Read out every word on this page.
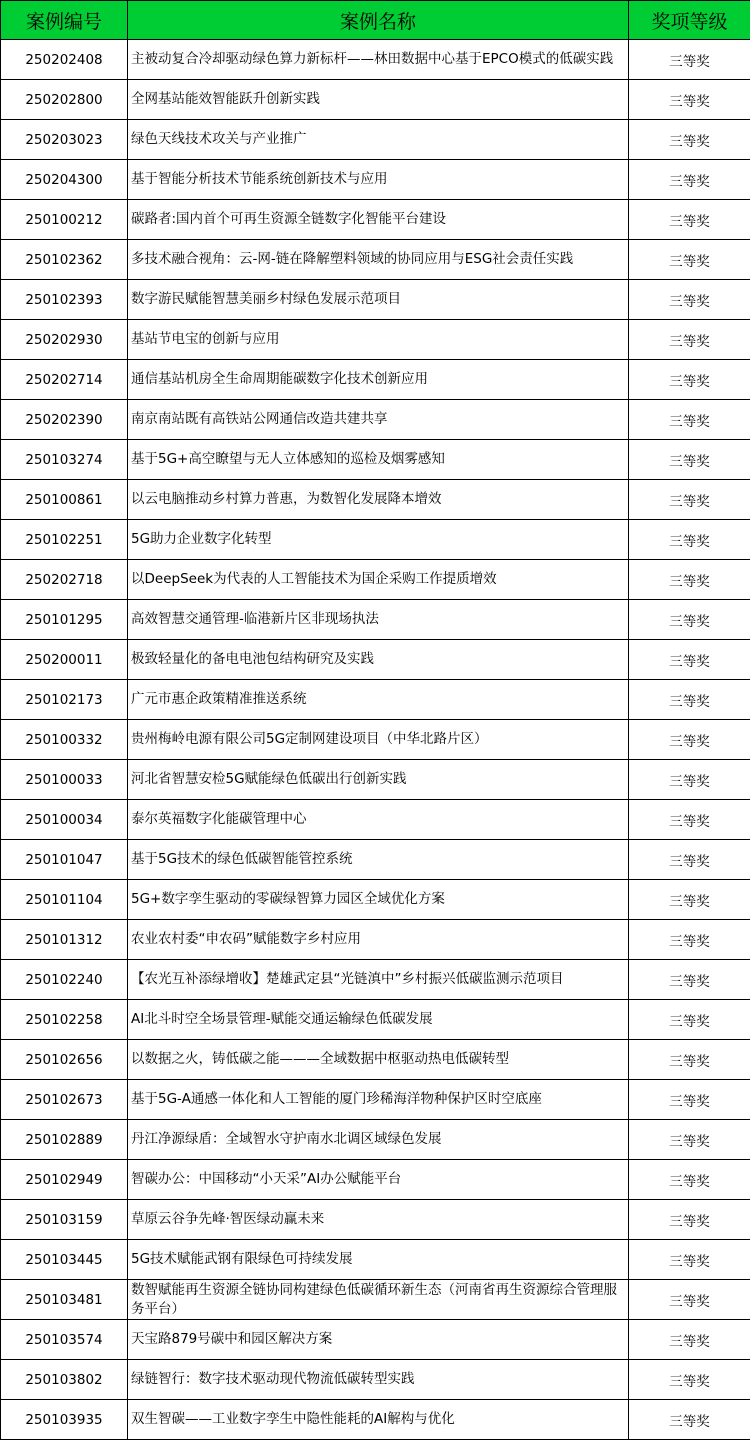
案例编号	案例名称	奖项等级
250202408	主被动复合冷却驱动绿色算力新标杆——林田数据中心基于EPCO模式的低碳实践	三等奖
250202800	全网基站能效智能跃升创新实践	三等奖
250203023	绿色天线技术攻关与产业推广	三等奖
250204300	基于智能分析技术节能系统创新技术与应用	三等奖
250100212	碳路者:国内首个可再生资源全链数字化智能平台建设	三等奖
250102362	多技术融合视角：云-网-链在降解塑料领域的协同应用与ESG社会责任实践	三等奖
250102393	数字游民赋能智慧美丽乡村绿色发展示范项目	三等奖
250202930	基站节电宝的创新与应用	三等奖
250202714	通信基站机房全生命周期能碳数字化技术创新应用	三等奖
250202390	南京南站既有高铁站公网通信改造共建共享	三等奖
250103274	基于5G+高空瞭望与无人立体感知的巡检及烟雾感知	三等奖
250100861	以云电脑推动乡村算力普惠，为数智化发展降本增效	三等奖
250102251	5G助力企业数字化转型	三等奖
250202718	以DeepSeek为代表的人工智能技术为国企采购工作提质增效	三等奖
250101295	高效智慧交通管理-临港新片区非现场执法	三等奖
250200011	极致轻量化的备电电池包结构研究及实践	三等奖
250102173	广元市惠企政策精准推送系统	三等奖
250100332	贵州梅岭电源有限公司5G定制网建设项目（中华北路片区）	三等奖
250100033	河北省智慧安检5G赋能绿色低碳出行创新实践	三等奖
250100034	泰尔英福数字化能碳管理中心	三等奖
250101047	基于5G技术的绿色低碳智能管控系统	三等奖
250101104	5G+数字孪生驱动的零碳绿智算力园区全域优化方案	三等奖
250101312	农业农村委“申农码”赋能数字乡村应用	三等奖
250102240	【农光互补添绿增收】楚雄武定县“光链滇中”乡村振兴低碳监测示范项目	三等奖
250102258	AI北斗时空全场景管理-赋能交通运输绿色低碳发展	三等奖
250102656	以数据之火，铸低碳之能———全域数据中枢驱动热电低碳转型	三等奖
250102673	基于5G-A通感一体化和人工智能的厦门珍稀海洋物种保护区时空底座	三等奖
250102889	丹江净源绿盾：全域智水守护南水北调区域绿色发展	三等奖
250102949	智碳办公：中国移动“小天采”AI办公赋能平台	三等奖
250103159	草原云谷争先峰·智医绿动赢未来	三等奖
250103445	5G技术赋能武钢有限绿色可持续发展	三等奖
250103481	数智赋能再生资源全链协同构建绿色低碳循环新生态（河南省再生资源综合管理服务平台）	三等奖
250103574	天宝路879号碳中和园区解决方案	三等奖
250103802	绿链智行：数字技术驱动现代物流低碳转型实践	三等奖
250103935	双生智碳——工业数字孪生中隐性能耗的AI解构与优化	三等奖
